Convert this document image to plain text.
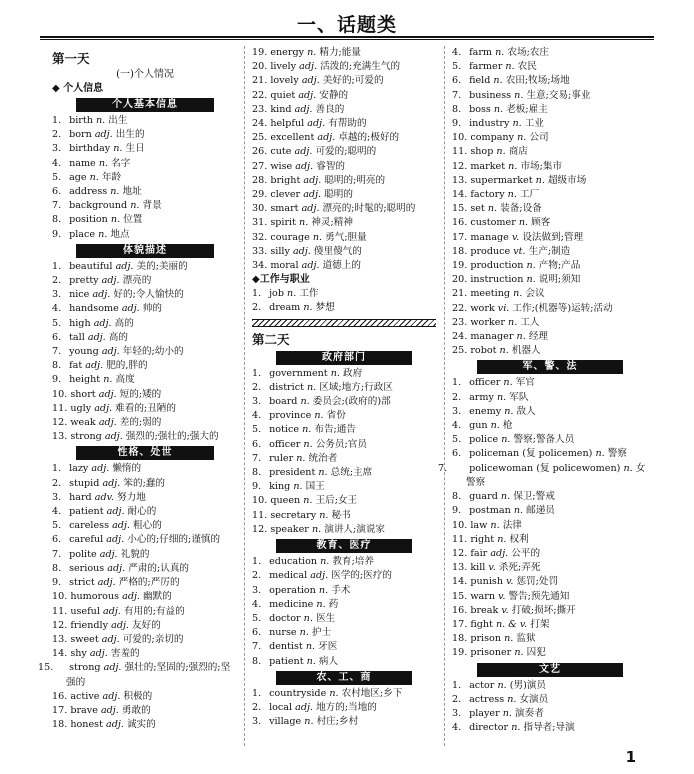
一、话题类
第一天
(一)个人情况
◆ 个人信息
个人基本信息
1. birth n. 出生
2. born adj. 出生的
3. birthday n. 生日
4. name n. 名字
5. age n. 年龄
6. address n. 地址
7. background n. 背景
8. position n. 位置
9. place n. 地点
体貌描述
1. beautiful adj. 美的;美丽的
2. pretty adj. 漂亮的
3. nice adj. 好的;令人愉快的
4. handsome adj. 帅的
5. high adj. 高的
6. tall adj. 高的
7. young adj. 年轻的;幼小的
8. fat adj. 肥的,胖的
9. height n. 高度
10. short adj. 短的;矮的
11. ugly adj. 难看的;丑陋的
12. weak adj. 差的;弱的
13. strong adj. 强烈的;强壮的;强大的
性格、处世
1. lazy adj. 懒惰的
2. stupid adj. 笨的;蠢的
3. hard adv. 努力地
4. patient adj. 耐心的
5. careless adj. 粗心的
6. careful adj. 小心的;仔细的;谨慎的
7. polite adj. 礼貌的
8. serious adj. 严肃的;认真的
9. strict adj. 严格的;严厉的
10. humorous adj. 幽默的
11. useful adj. 有用的;有益的
12. friendly adj. 友好的
13. sweet adj. 可爱的;亲切的
14. shy adj. 害羞的
15. strong adj. 强壮的;坚固的;强烈的;坚强的
16. active adj. 积极的
17. brave adj. 勇敢的
18. honest adj. 诚实的
19. energy n. 精力;能量
20. lively adj. 活泼的;充满生气的
21. lovely adj. 美好的;可爱的
22. quiet adj. 安静的
23. kind adj. 善良的
24. helpful adj. 有帮助的
25. excellent adj. 卓越的;极好的
26. cute adj. 可爱的;聪明的
27. wise adj. 睿智的
28. bright adj. 聪明的;明亮的
29. clever adj. 聪明的
30. smart adj. 漂亮的;时髦的;聪明的
31. spirit n. 神灵;精神
32. courage n. 勇气;胆量
33. silly adj. 傻里傻气的
34. moral adj. 道德上的
◆工作与职业
1. job n. 工作
2. dream n. 梦想
第二天
政府部门
1. government n. 政府
2. district n. 区域;地方;行政区
3. board n. 委员会;(政府的)部
4. province n. 省份
5. notice n. 布告;通告
6. officer n. 公务员;官员
7. ruler n. 统治者
8. president n. 总统;主席
9. king n. 国王
10. queen n. 王后;女王
11. secretary n. 秘书
12. speaker n. 演讲人;演说家
教育、医疗
1. education n. 教育;培养
2. medical adj. 医学的;医疗的
3. operation n. 手术
4. medicine n. 药
5. doctor n. 医生
6. nurse n. 护士
7. dentist n. 牙医
8. patient n. 病人
农、工、商
1. countryside n. 农村地区;乡下
2. local adj. 地方的;当地的
3. village n. 村庄;乡村
4. farm n. 农场;农庄
5. farmer n. 农民
6. field n. 农田;牧场;场地
7. business n. 生意;交易;事业
8. boss n. 老板;雇主
9. industry n. 工业
10. company n. 公司
11. shop n. 商店
12. market n. 市场;集市
13. supermarket n. 超级市场
14. factory n. 工厂
15. set n. 装备;设备
16. customer n. 顾客
17. manage v. 设法做到;管理
18. produce vt. 生产;制造
19. production n. 产物;产品
20. instruction n. 说明;须知
21. meeting n. 会议
22. work vi. 工作;(机器等)运转;活动
23. worker n. 工人
24. manager n. 经理
25. robot n. 机器人
军、警、法
1. officer n. 军官
2. army n. 军队
3. enemy n. 敌人
4. gun n. 枪
5. police n. 警察;警备人员
6. policeman (复 policemen) n. 警察
7. policewoman (复 policewomen) n. 女警察
8. guard n. 保卫;警戒
9. postman n. 邮递员
10. law n. 法律
11. right n. 权利
12. fair adj. 公平的
13. kill v. 杀死;弄死
14. punish v. 惩罚;处罚
15. warn v. 警告;预先通知
16. break v. 打破;损坏;撕开
17. fight n. & v. 打架
18. prison n. 监狱
19. prisoner n. 囚犯
文艺
1. actor n. (男)演员
2. actress n. 女演员
3. player n. 演奏者
4. director n. 指导者;导演
1
